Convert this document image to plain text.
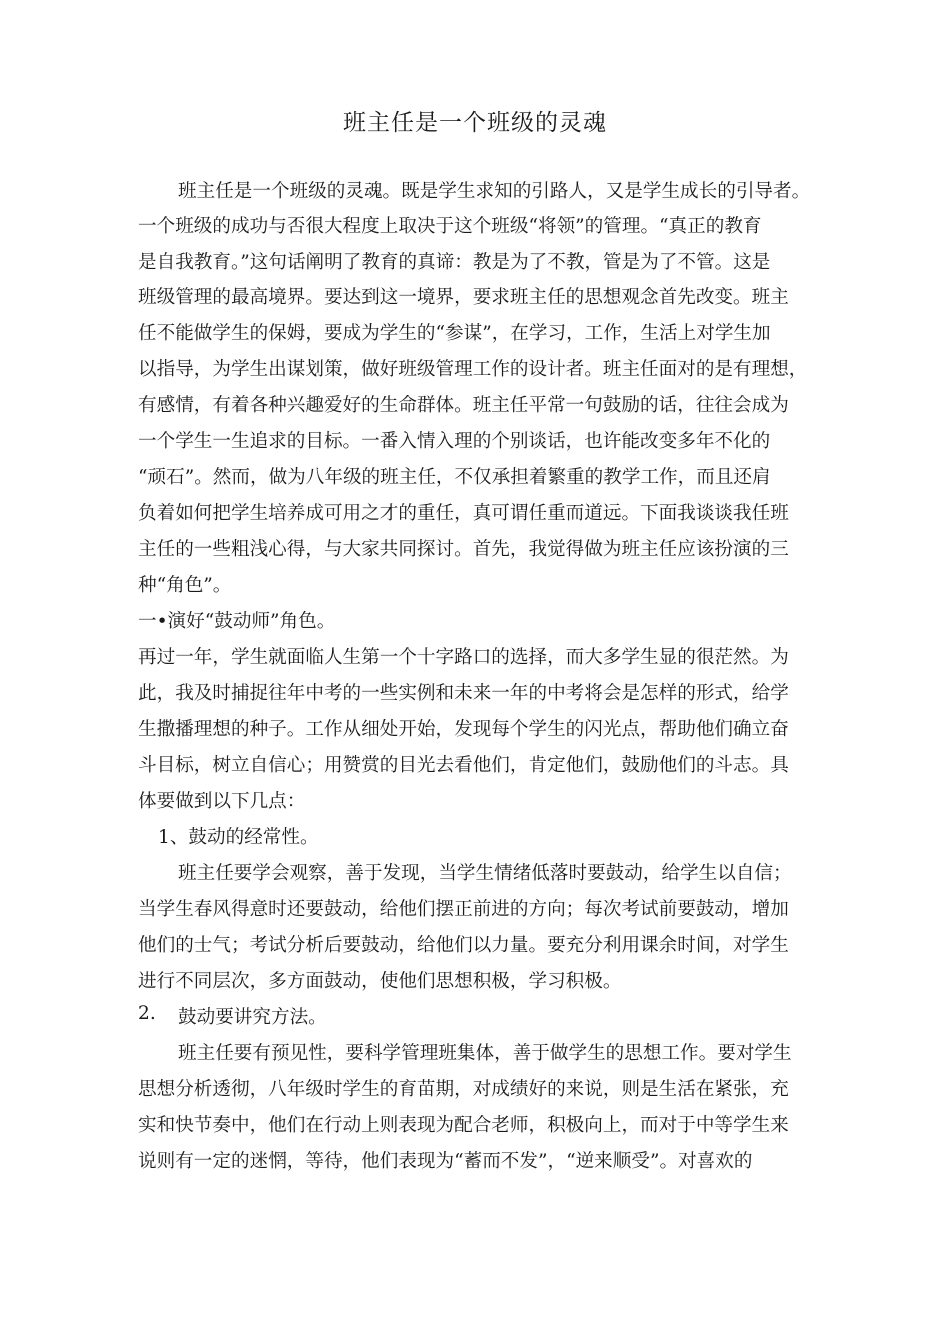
班主任是一个班级的灵魂
班主任是一个班级的灵魂。既是学生求知的引路人，又是学生成长的引导者。
一个班级的成功与否很大程度上取决于这个班级“将领”的管理。“真正的教育
是自我教育。”这句话阐明了教育的真谛：教是为了不教，管是为了不管。这是
班级管理的最高境界。要达到这一境界，要求班主任的思想观念首先改变。班主
任不能做学生的保姆，要成为学生的“参谋”，在学习，工作，生活上对学生加
以指导，为学生出谋划策，做好班级管理工作的设计者。班主任面对的是有理想，
有感情，有着各种兴趣爱好的生命群体。班主任平常一句鼓励的话，往往会成为
一个学生一生追求的目标。一番入情入理的个别谈话，也许能改变多年不化的
“顽石”。然而，做为八年级的班主任，不仅承担着繁重的教学工作，而且还肩
负着如何把学生培养成可用之才的重任，真可谓任重而道远。下面我谈谈我任班
主任的一些粗浅心得，与大家共同探讨。首先，我觉得做为班主任应该扮演的三
种“角色”。
一•演好“鼓动师”角色。
再过一年，学生就面临人生第一个十字路口的选择，而大多学生显的很茫然。为
此，我及时捕捉往年中考的一些实例和未来一年的中考将会是怎样的形式，给学
生撒播理想的种子。工作从细处开始，发现每个学生的闪光点，帮助他们确立奋
斗目标，树立自信心；用赞赏的目光去看他们，肯定他们，鼓励他们的斗志。具
体要做到以下几点：
1、鼓动的经常性。
班主任要学会观察，善于发现，当学生情绪低落时要鼓动，给学生以自信；
当学生春风得意时还要鼓动，给他们摆正前进的方向；每次考试前要鼓动，增加
他们的士气；考试分析后要鼓动，给他们以力量。要充分利用课余时间，对学生
进行不同层次，多方面鼓动，使他们思想积极，学习积极。
2. 鼓动要讲究方法。
班主任要有预见性，要科学管理班集体，善于做学生的思想工作。要对学生
思想分析透彻，八年级时学生的育苗期，对成绩好的来说，则是生活在紧张，充
实和快节奏中，他们在行动上则表现为配合老师，积极向上，而对于中等学生来
说则有一定的迷惘，等待，他们表现为“蓄而不发”，“逆来顺受”。对喜欢的
